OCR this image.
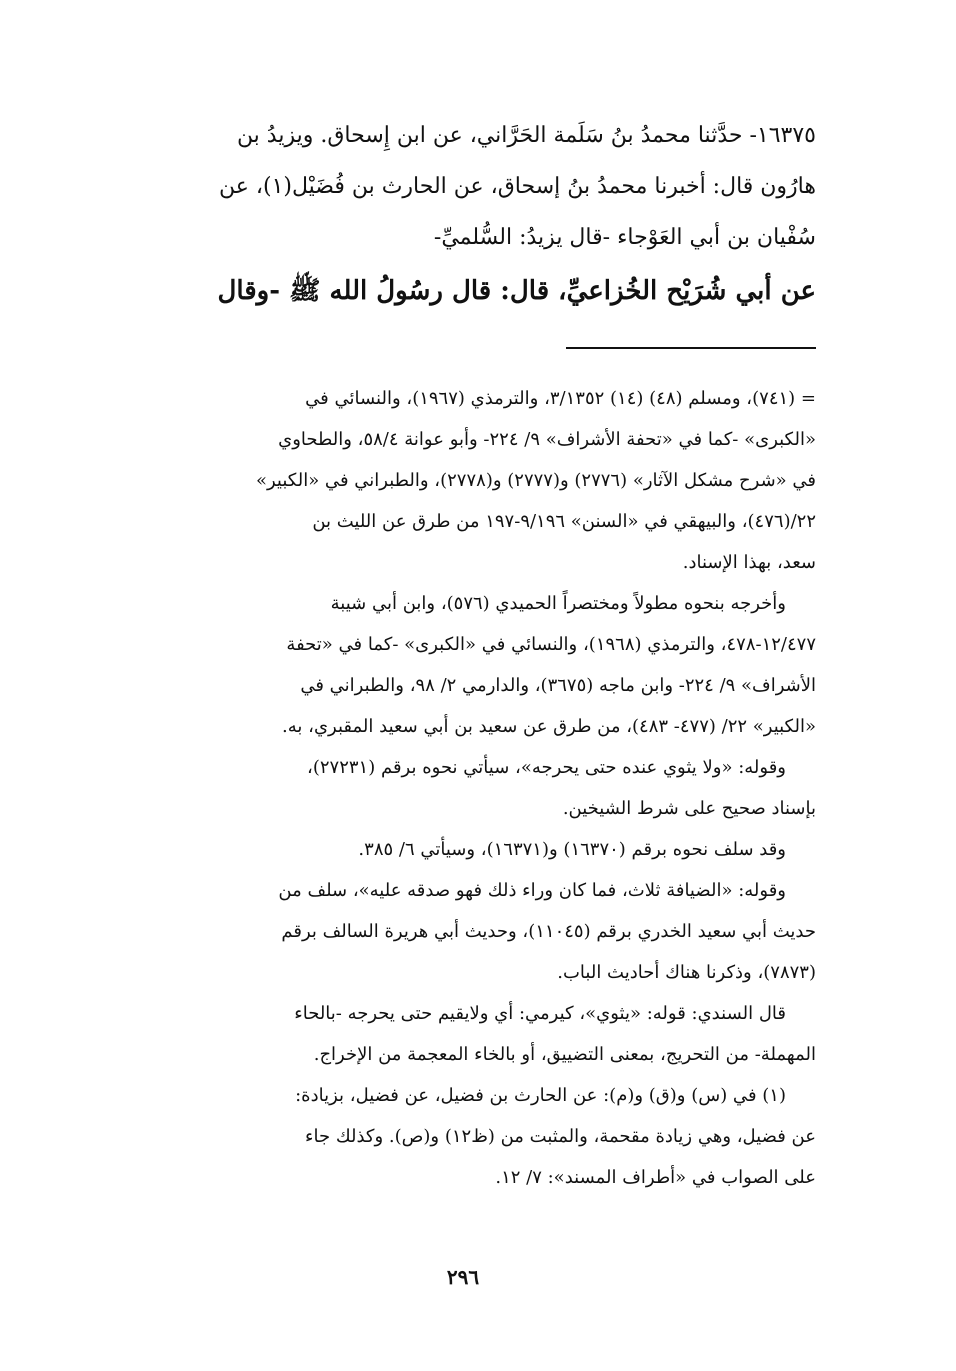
١٦٣٧٥- حدَّثنا محمدُ بنُ سَلَمة الحَرَّاني، عن ابن إِسحاق. ويزيدُ بن
هارُون قال: أخبرنا محمدُ بنُ إسحاق، عن الحارث بن فُضَيْل(١)، عن
سُفْيان بن أبي العَوْجاء -قال يزيدُ: السُّلميِّ-
عن أبي شُرَيْح الخُزاعيِّ، قال: قال رسُولُ الله ﷺ -وقال
= (٧٤١)، ومسلم (٤٨) (١٤) ٣/١٣٥٢، والترمذي (١٩٦٧)، والنسائي في
«الكبرى» -كما في «تحفة الأشراف» ٩/ ٢٢٤- وأبو عوانة ٥٨/٤، والطحاوي
في «شرح مشكل الآثار» (٢٧٧٦) و(٢٧٧٧) و(٢٧٧٨)، والطبراني في «الكبير»
٢٢/(٤٧٦)، والبيهقي في «السنن» ٩/١٩٦-١٩٧ من طرق عن الليث بن
سعد، بهذا الإسناد.
وأخرجه بنحوه مطولاً ومختصراً الحميدي (٥٧٦)، وابن أبي شيبة
١٢/٤٧٧-٤٧٨، والترمذي (١٩٦٨)، والنسائي في «الكبرى» -كما في «تحفة
الأشراف» ٩/ ٢٢٤- وابن ماجه (٣٦٧٥)، والدارمي ٢/ ٩٨، والطبراني في
«الكبير» ٢٢/ (٤٧٧- ٤٨٣)، من طرق عن سعيد بن أبي سعيد المقبري، به.
وقوله: «ولا يثوي عنده حتى يحرجه»، سيأتي نحوه برقم (٢٧٢٣١)،
بإسناد صحيح على شرط الشيخين.
وقد سلف نحوه برقم (١٦٣٧٠) و(١٦٣٧١)، وسيأتي ٦/ ٣٨٥.
وقوله: «الضيافة ثلاث، فما كان وراء ذلك فهو صدقه عليه»، سلف من
حديث أبي سعيد الخدري برقم (١١٠٤٥)، وحديث أبي هريرة السالف برقم
(٧٨٧٣)، وذكرنا هناك أحاديث الباب.
قال السندي: قوله: «يثوي»، كيرمي: أي ولايقيم حتى يحرجه -بالحاء
المهملة- من التحريج، بمعنى التضييق، أو بالخاء المعجمة من الإخراج.
(١) في (س) و(ق) و(م): عن الحارث بن فضيل، عن فضيل، بزيادة:
عن فضيل، وهي زيادة مقحمة، والمثبت من (ظ١٢) و(ص). وكذلك جاء
على الصواب في «أطراف المسند»: ٧/ ١٢.
٢٩٦
